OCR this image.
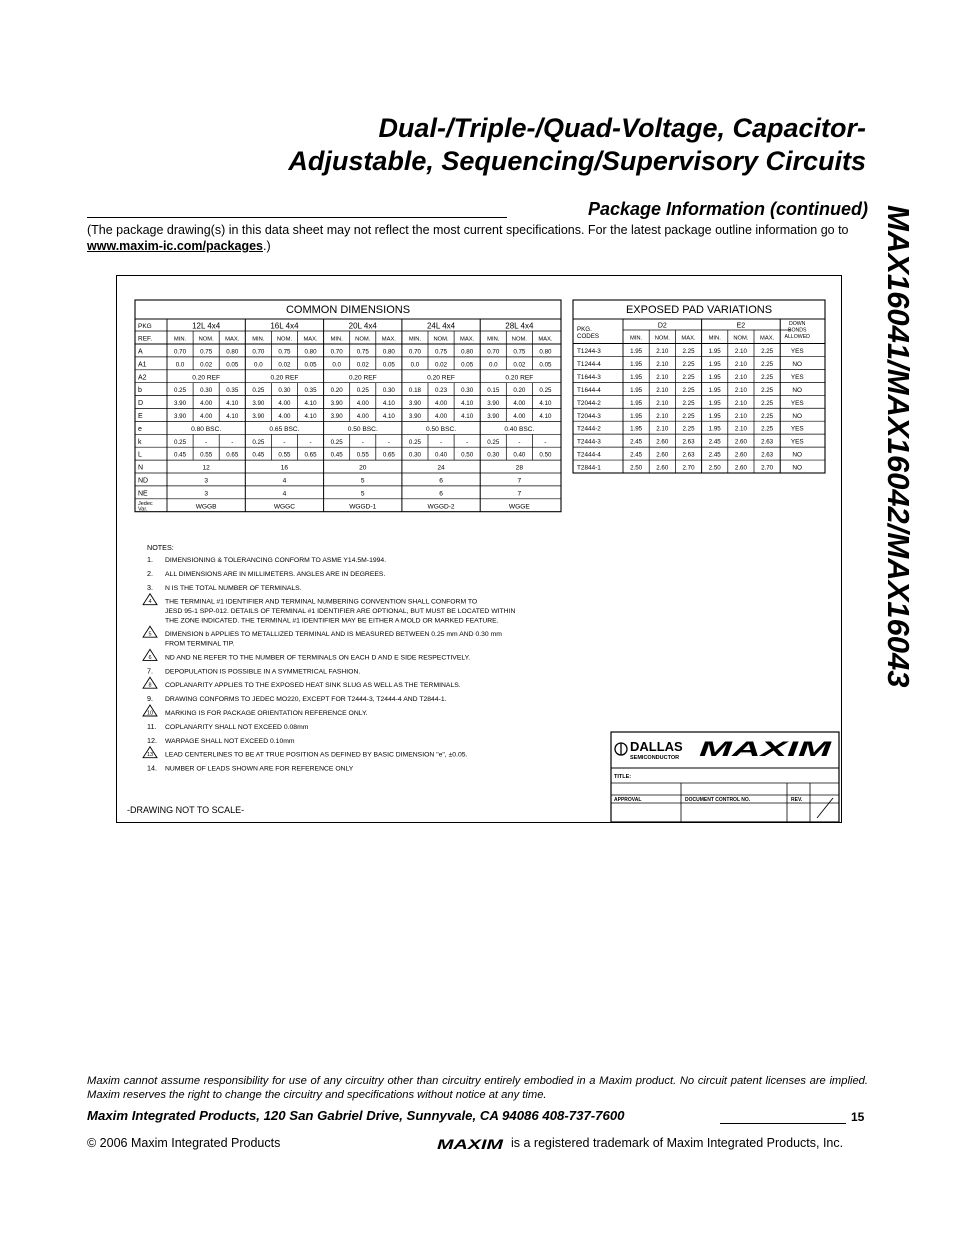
Dual-/Triple-/Quad-Voltage, Capacitor-
Adjustable, Sequencing/Supervisory Circuits
MAX16041/MAX16042/MAX16043
Package Information (continued)
(The package drawing(s) in this data sheet may not reflect the most current specifications. For the latest package outline information go to www.maxim-ic.com/packages.)
COMMON DIMENSIONS
PKG
REF.
12L 4x4
MIN. NOM. MAX.
16L 4x4
MIN. NOM. MAX.
20L 4x4
MIN. NOM. MAX.
24L 4x4
MIN. NOM. MAX.
28L 4x4
MIN. NOM. MAX.
A	0.70 0.75 0.80 0.70 0.75 0.80 0.70 0.75 0.80 0.70 0.75 0.80 0.70 0.75 0.80
A1	0.0	0.02 0.05	0.0	0.02 0.05	0.0	0.02 0.05	0.0	0.02 0.05	0.0	0.02 0.05
A2	0.20 REF	0.20 REF	0.20 REF	0.20 REF	0.20 REF
b	0.25 0.30 0.35 0.25 0.30 0.35 0.20 0.25 0.30 0.18 0.23 0.30 0.15 0.20 0.25
D	3.90 4.00 4.10 3.90 4.00 4.10 3.90 4.00 4.10 3.90 4.00 4.10 3.90 4.00 4.10
E	3.90 4.00 4.10 3.90 4.00 4.10 3.90 4.00 4.10 3.90 4.00 4.10 3.90 4.00 4.10
e	0.80 BSC.	0.65 BSC.	0.50 BSC.	0.50 BSC.	0.40 BSC.
k	0.25	-	-	0.25	-	-	0.25	-	-	0.25	-	-	0.25	-	-
L	0.45 0.55 0.65 0.45 0.55 0.65 0.45 0.55 0.65 0.30 0.40 0.50 0.30 0.40 0.50
N	12	16	20	24	28
ND	3	4	5	6	7
NE	3	4	5	6	7
Jedec
Var.	WGGB	WGGC	WGGD-1	WGGD-2	WGGE
EXPOSED PAD VARIATIONS
PKG.
CODES
D2	E2	DOWN
BONDS
ALLOWED
MIN. NOM. MAX. MIN. NOM. MAX.
T1244-3	1.95 2.10 2.25 1.95 2.10 2.25	YES
T1244-4	1.95 2.10 2.25 1.95 2.10 2.25	NO
T1644-3	1.95 2.10 2.25 1.95 2.10 2.25	YES
T1644-4	1.95 2.10 2.25 1.95 2.10 2.25	NO
T2044-2	1.95 2.10 2.25 1.95 2.10 2.25	YES
T2044-3	1.95 2.10 2.25 1.95 2.10 2.25	NO
T2444-2	1.95 2.10 2.25 1.95 2.10 2.25	YES
T2444-3	2.45 2.60 2.63 2.45 2.60 2.63	YES
T2444-4	2.45 2.60 2.63 2.45 2.60 2.63	NO
T2844-1	2.50 2.60 2.70 2.50 2.60 2.70	NO
NOTES:
1. DIMENSIONING & TOLERANCING CONFORM TO ASME Y14.5M-1994.
2. ALL DIMENSIONS ARE IN MILLIMETERS. ANGLES ARE IN DEGREES.
3. N IS THE TOTAL NUMBER OF TERMINALS.
4 THE TERMINAL #1 IDENTIFIER AND TERMINAL NUMBERING CONVENTION SHALL CONFORM TO
JESD 95-1 SPP-012. DETAILS OF TERMINAL #1 IDENTIFIER ARE OPTIONAL, BUT MUST BE LOCATED WITHIN
THE ZONE INDICATED. THE TERMINAL #1 IDENTIFIER MAY BE EITHER A MOLD OR MARKED FEATURE.
5 DIMENSION b APPLIES TO METALLIZED TERMINAL AND IS MEASURED BETWEEN 0.25 mm AND 0.30 mm
FROM TERMINAL TIP.
6 ND AND NE REFER TO THE NUMBER OF TERMINALS ON EACH D AND E SIDE RESPECTIVELY.
7. DEPOPULATION IS POSSIBLE IN A SYMMETRICAL FASHION.
8 COPLANARITY APPLIES TO THE EXPOSED HEAT SINK SLUG AS WELL AS THE TERMINALS.
9. DRAWING CONFORMS TO JEDEC MO220, EXCEPT FOR T2444-3, T2444-4 AND T2844-1.
10 MARKING IS FOR PACKAGE ORIENTATION REFERENCE ONLY.
11. COPLANARITY SHALL NOT EXCEED 0.08mm
12. WARPAGE SHALL NOT EXCEED 0.10mm
13 LEAD CENTERLINES TO BE AT TRUE POSITION AS DEFINED BY BASIC DIMENSION "e", ±0.05.
14. NUMBER OF LEADS SHOWN ARE FOR REFERENCE ONLY
-DRAWING NOT TO SCALE-
DALLAS
SEMICONDUCTOR MAXIM
TITLE:
APPROVAL	DOCUMENT CONTROL NO.	REV.
Maxim cannot assume responsibility for use of any circuitry other than circuitry entirely embodied in a Maxim product. No circuit patent licenses are implied. Maxim reserves the right to change the circuitry and specifications without notice at any time.
Maxim Integrated Products, 120 San Gabriel Drive, Sunnyvale, CA 94086 408-737-7600	15
© 2006 Maxim Integrated Products	MAXIM is a registered trademark of Maxim Integrated Products, Inc.
